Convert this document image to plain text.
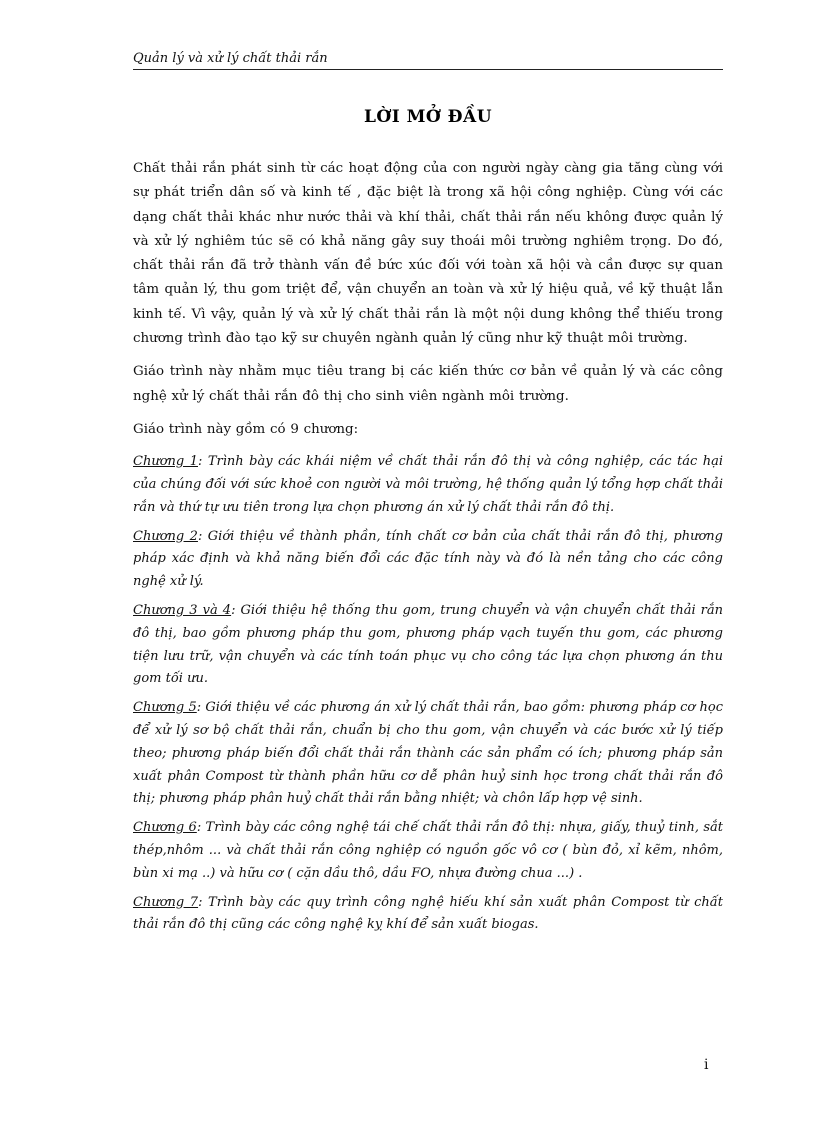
Quản lý và xử lý chất thải rắn
LỜI MỞ ĐẦU

Chất thải rắn phát sinh từ các hoạt động của con người ngày càng gia tăng cùng với sự phát triển dân số và kinh tế , đặc biệt là trong xã hội công nghiệp. Cùng với các dạng chất thải khác như nước thải và khí thải, chất thải rắn nếu không được quản lý và xử lý nghiêm túc sẽ có khả năng gây suy thoái môi trường nghiêm trọng. Do đó, chất thải rắn đã trở thành vấn đề bức xúc đối với toàn xã hội và cần được sự quan tâm quản lý, thu gom triệt để, vận chuyển an toàn và xử lý hiệu quả, về kỹ thuật lẫn kinh tế. Vì vậy, quản lý và xử lý chất thải rắn là một nội dung không thể thiếu trong chương trình đào tạo kỹ sư chuyên ngành quản lý cũng như kỹ thuật môi trường.

Giáo trình này nhằm mục tiêu trang bị các kiến thức cơ bản về quản lý và các công nghệ xử lý chất thải rắn đô thị cho sinh viên ngành môi trường.

Giáo trình này gồm có 9 chương:

Chương 1: Trình bày các khái niệm về chất thải rắn đô thị và công nghiệp, các tác hại của chúng đối với sức khoẻ con người và môi trường, hệ thống quản lý tổng hợp chất thải rắn và thứ tự ưu tiên trong lựa chọn phương án xử lý chất thải rắn đô thị.

Chương 2: Giới thiệu về thành phần, tính chất cơ bản của chất thải rắn đô thị, phương pháp xác định và khả năng biến đổi các đặc tính này và đó là nền tảng cho các công nghệ xử lý.

Chương 3 và 4: Giới thiệu hệ thống thu gom, trung chuyển và vận chuyển chất thải rắn đô thị, bao gồm phương pháp thu gom, phương pháp vạch tuyến thu gom, các phương tiện lưu trữ, vận chuyển và các tính toán phục vụ cho công tác lựa chọn phương án thu gom tối ưu.

Chương 5: Giới thiệu về các phương án xử lý chất thải rắn, bao gồm: phương pháp cơ học để xử lý sơ bộ chất thải rắn, chuẩn bị cho thu gom, vận chuyển và các bước xử lý tiếp theo; phương pháp biến đổi chất thải rắn thành các sản phẩm có ích; phương pháp sản xuất phân Compost từ thành phần hữu cơ dễ phân huỷ sinh học trong chất thải rắn đô thị; phương pháp phân huỷ chất thải rắn bằng nhiệt; và chôn lấp hợp vệ sinh.

Chương 6: Trình bày các công nghệ tái chế chất thải rắn đô thị: nhựa, giấy, thuỷ tinh, sắt thép,nhôm ... và chất thải rắn công nghiệp có nguồn gốc vô cơ ( bùn đỏ, xỉ kẽm, nhôm, bùn xi mạ ..) và hữu cơ ( cặn dầu thô, dầu FO, nhựa đường chua ...) .

Chương 7: Trình bày các quy trình công nghệ hiếu khí sản xuất phân Compost từ chất thải rắn đô thị cũng các công nghệ kỵ khí để sản xuất biogas.

i
